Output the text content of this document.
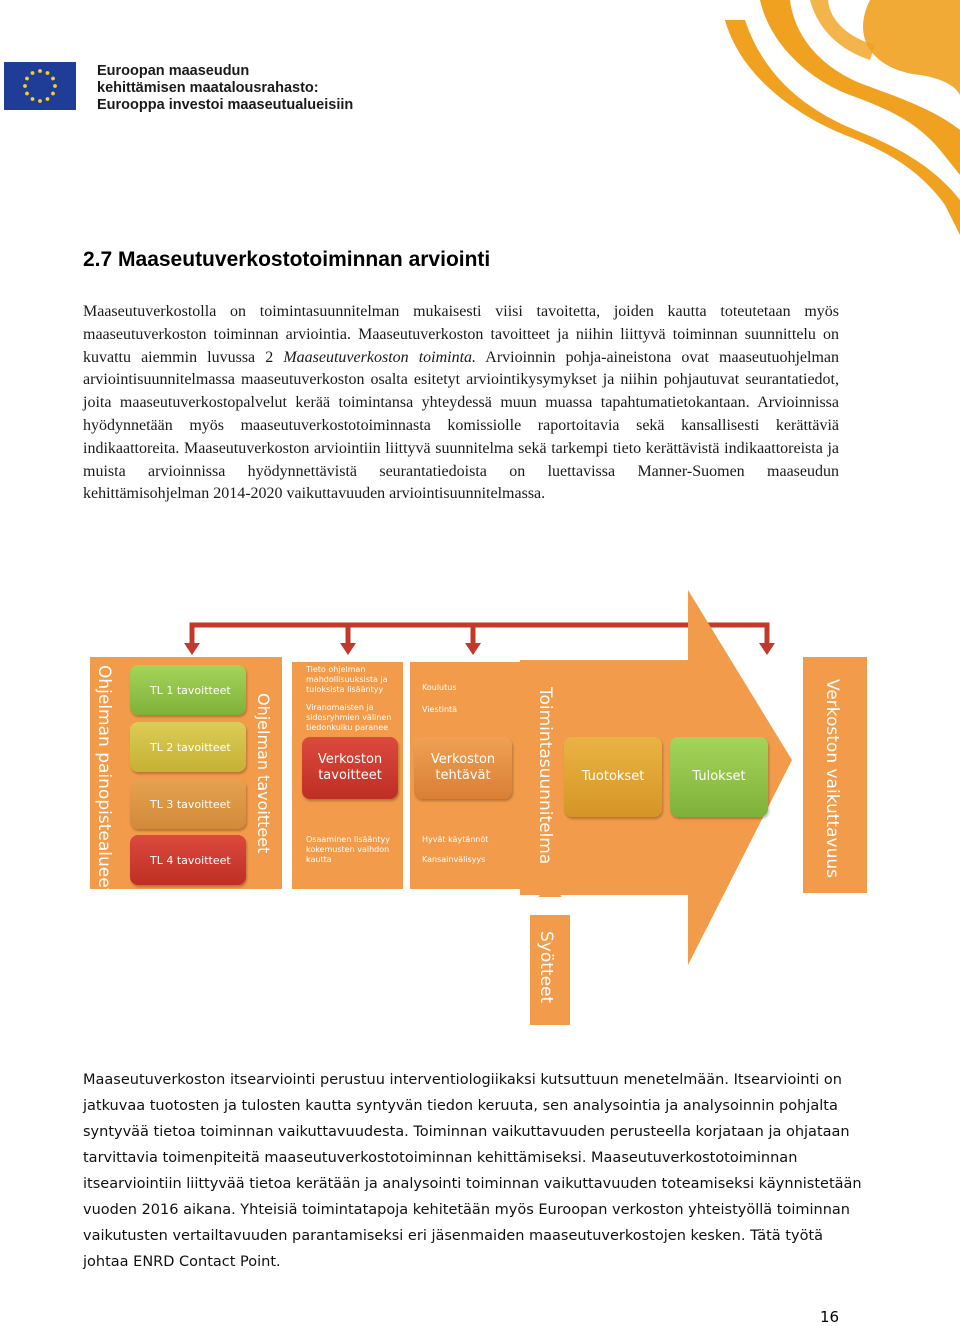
Euroopan maaseudun
kehittämisen maatalousrahasto:
Eurooppa investoi maaseutualueisiin
2.7 Maaseutuverkostotoiminnan arviointi
Maaseutuverkostolla on toimintasuunnitelman mukaisesti viisi tavoitetta, joiden kautta toteutetaan myös maaseutuverkoston toiminnan arviointia. Maaseutuverkoston tavoitteet ja niihin liittyvä toiminnan suunnittelu on kuvattu aiemmin luvussa 2 Maaseutuverkoston toiminta. Arvioinnin pohja-aineistona ovat maaseutuohjelman arviointisuunnitelmassa maaseutuverkoston osalta esitetyt arviointikysymykset ja niihin pohjautuvat seurantatiedot, joita maaseutuverkostopalvelut kerää toimintansa yhteydessä muun muassa tapahtumatietokantaan. Arvioinnissa hyödynnetään myös maaseutuverkostotoiminnasta komissiolle raportoitavia sekä kansallisesti kerättäviä indikaattoreita. Maaseutuverkoston arviointiin liittyvä suunnitelma sekä tarkempi tieto kerättävistä indikaattoreista ja muista arvioinnissa hyödynnettävistä seurantatiedoista on luettavissa Manner-Suomen maaseudun kehittämisohjelman 2014-2020 vaikuttavuuden arviointisuunnitelmassa.
Ohjelman painopistealueet	Ohjelman tavoitteet
TL 1 tavoitteet
TL 2 tavoitteet
TL 3 tavoitteet
TL 4 tavoitteet
Tieto ohjelman mahdollisuuksista ja tuloksista lisääntyy
Viranomaisten ja sidosryhmien välinen tiedonkulku paranee
Verkoston tavoitteet
Osaaminen lisääntyy kokemusten vaihdon kautta
Koulutus
Viestintä
Verkoston tehtävät
Hyvät käytännöt
Kansainvälisyys	Toimintasuunnitelma	Tuotokset	Tulokset	Verkoston vaikuttavuus
Syötteet
Maaseutuverkoston itsearviointi perustuu interventiologiikaksi kutsuttuun menetelmään. Itsearviointi on jatkuvaa tuotosten ja tulosten kautta syntyvän tiedon keruuta, sen analysointia ja analysoinnin pohjalta syntyvää tietoa toiminnan vaikuttavuudesta. Toiminnan vaikuttavuuden perusteella korjataan ja ohjataan tarvittavia toimenpiteitä maaseutuverkostotoiminnan kehittämiseksi. Maaseutuverkostotoiminnan itsearviointiin liittyvää tietoa kerätään ja analysointi toiminnan vaikuttavuuden toteamiseksi käynnistetään vuoden 2016 aikana. Yhteisiä toimintatapoja kehitetään myös Euroopan verkoston yhteistyöllä toiminnan vaikutusten vertailtavuuden parantamiseksi eri jäsenmaiden maaseutuverkostojen kesken. Tätä työtä johtaa ENRD Contact Point.
16
